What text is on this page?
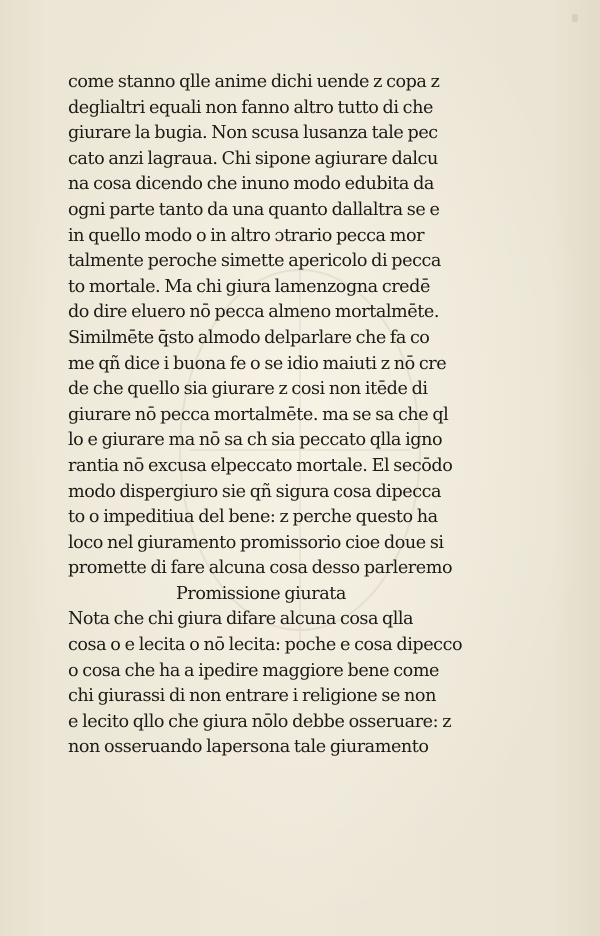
come stanno qlle anime dichi uende z copa z
deglialtri equali non fanno altro tutto di che
giurare la bugia. Non scusa lusanza tale pec
cato anzi lagraua. Chi sipone agiurare dalcu
na cosa dicendo che inuno modo edubita da
ogni parte tanto da una quanto dallaltra se e
in quello modo o in altro ɔtrario pecca mor
talmente peroche simette apericolo di pecca
to mortale. Ma chi giura lamenzogna credē
do dire eluero nō pecca almeno mortalmēte.
Similmēte q̄sto almodo delparlare che fa co
me qñ dice i buona fe o se idio maiuti z nō cre
de che quello sia giurare z cosi non itēde di
giurare nō pecca mortalmēte. ma se sa che ql
lo e giurare ma nō sa ch sia peccato qlla igno
rantia nō excusa elpeccato mortale. El secōdo
modo dispergiuro sie qñ sigura cosa dipecca
to o impeditiua del bene: z perche questo ha
loco nel giuramento promissorio cioe doue si
promette di fare alcuna cosa desso parleremo
Promissione giurata
Nota che chi giura difare alcuna cosa qlla
cosa o e lecita o nō lecita: poche e cosa dipecco
o cosa che ha a ipedire maggiore bene come
chi giurassi di non entrare i religione se non
e lecito qllo che giura nōlo debbe osseruare: z
non osseruando lapersona tale giuramento
